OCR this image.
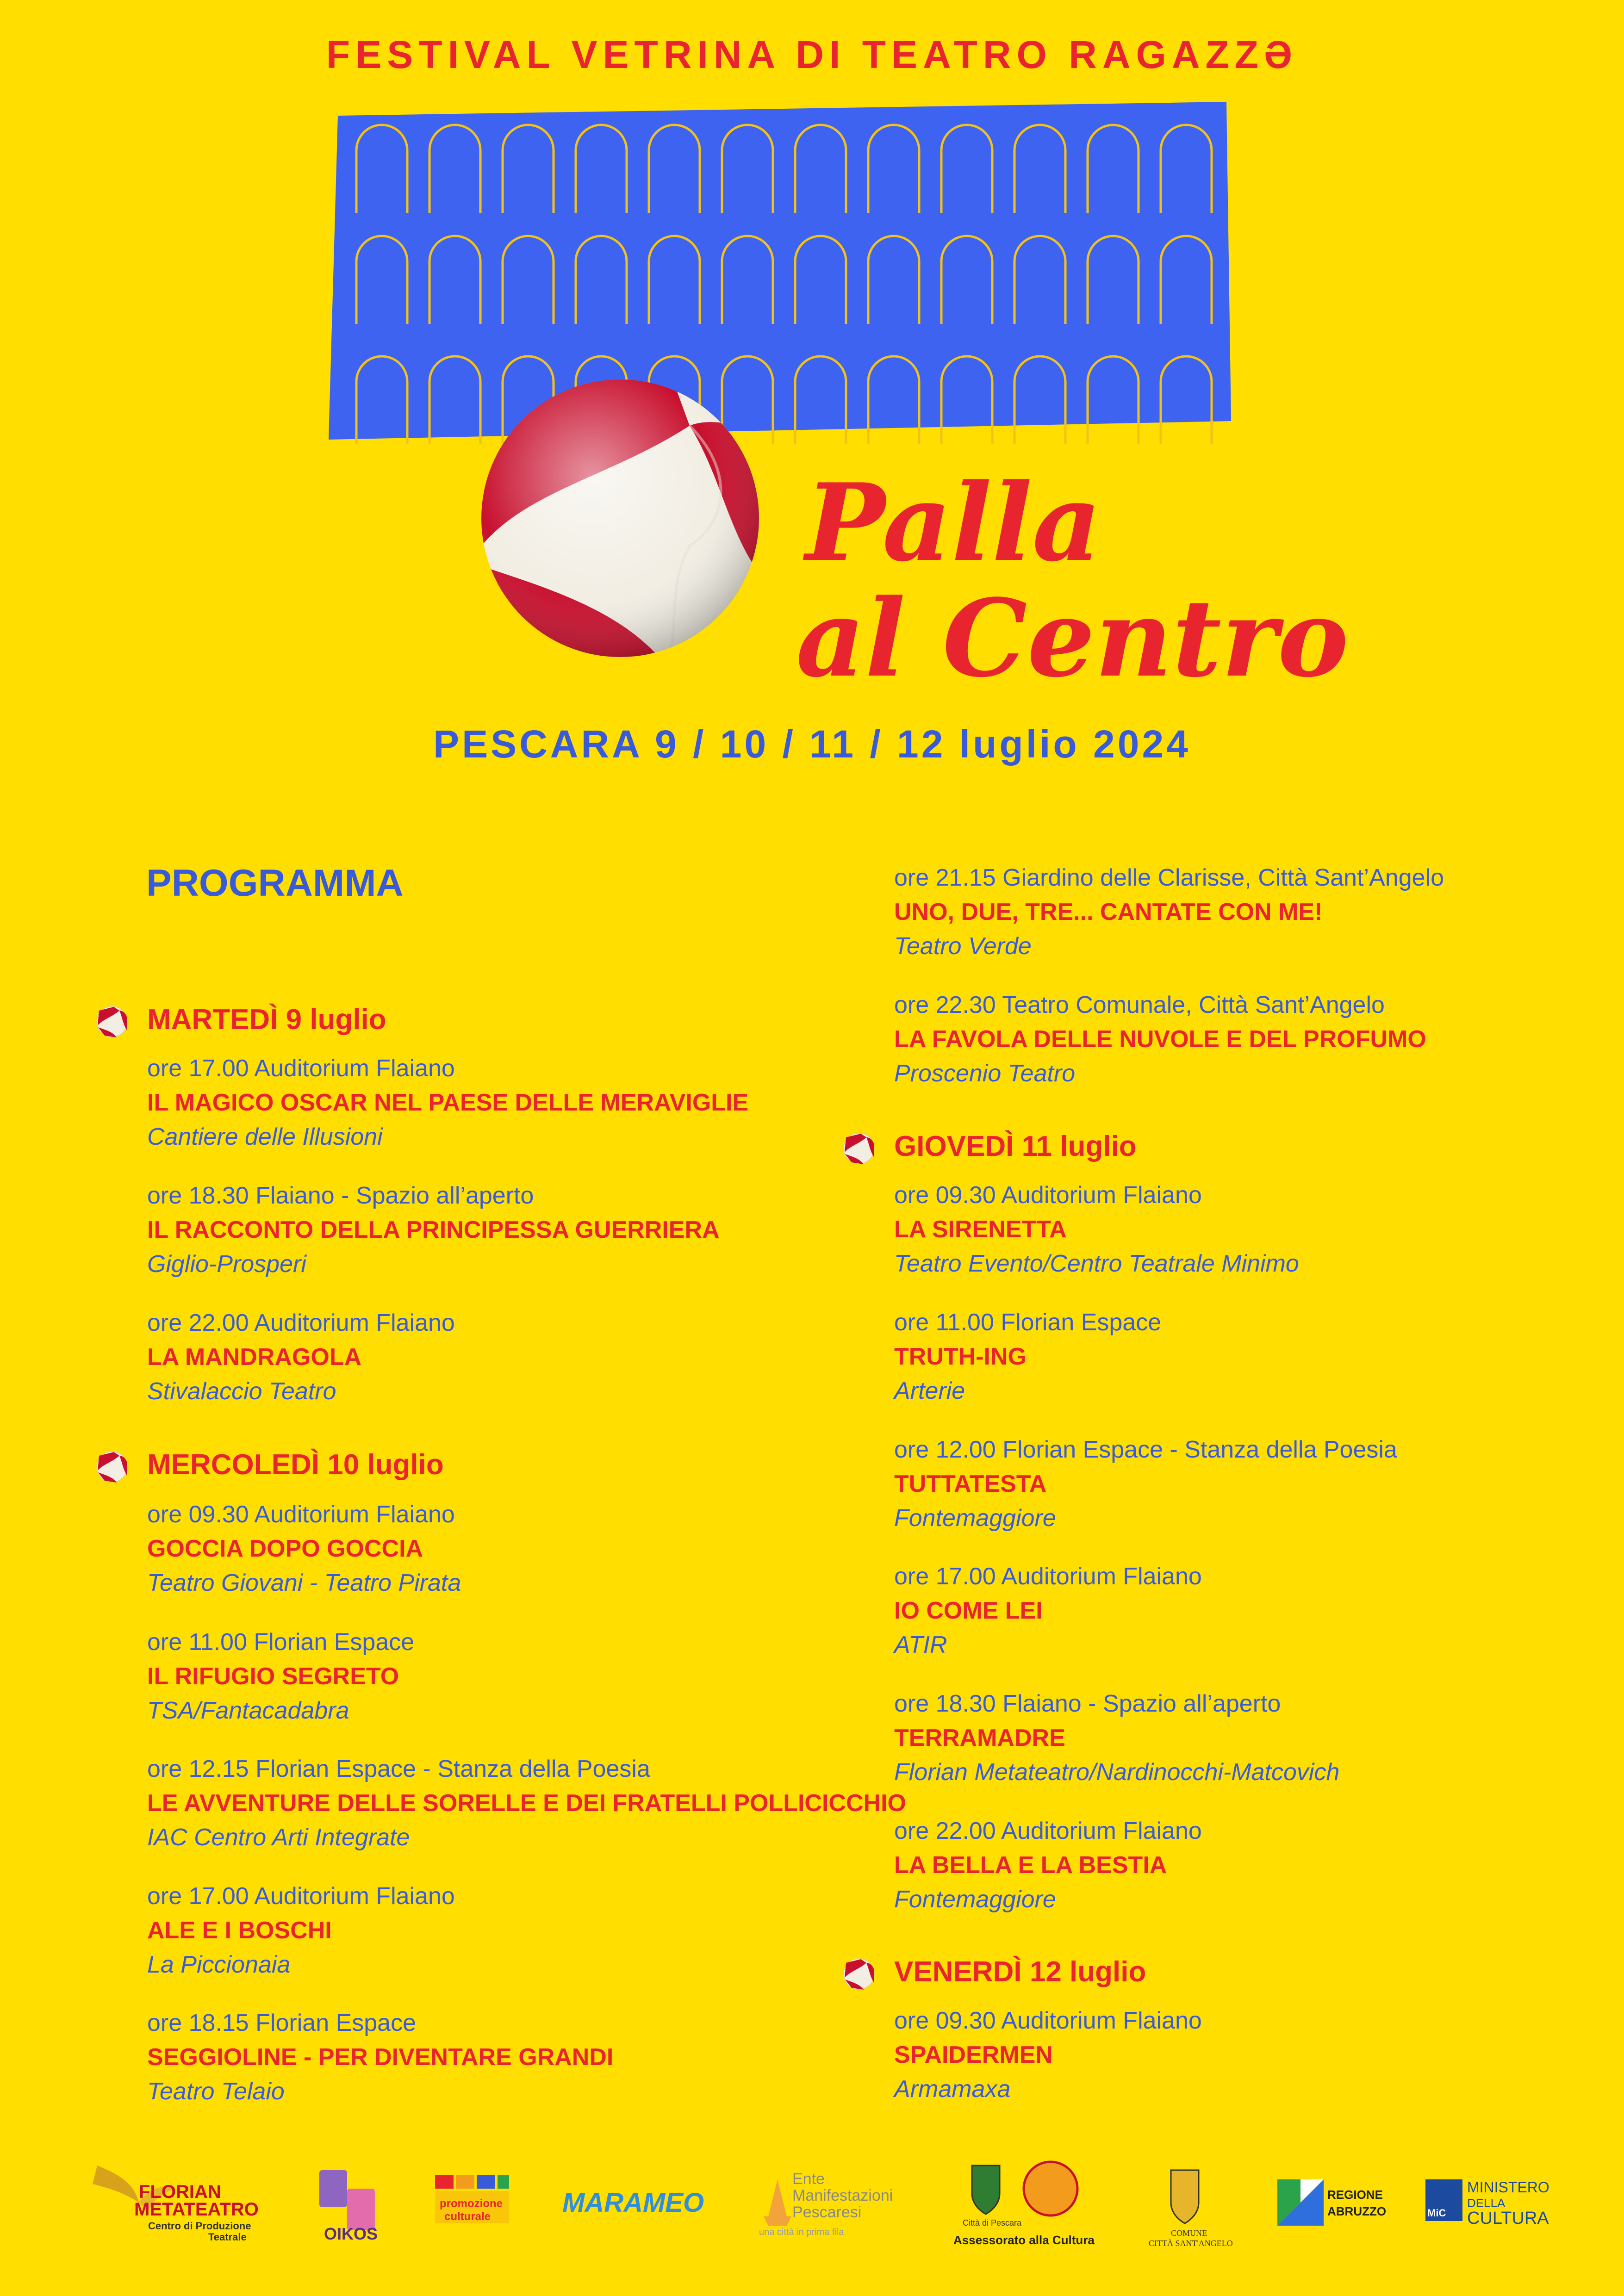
FESTIVAL VETRINA DI TEATRO RAGAZZƏ
Palla
al Centro
PESCARA 9 / 10 / 11 / 12 luglio 2024
PROGRAMMA
MARTEDÌ 9 luglio
ore 17.00 Auditorium Flaiano
IL MAGICO OSCAR NEL PAESE DELLE MERAVIGLIE
Cantiere delle Illusioni
ore 18.30 Flaiano - Spazio all’aperto
IL RACCONTO DELLA PRINCIPESSA GUERRIERA
Giglio-Prosperi
ore 22.00 Auditorium Flaiano
LA MANDRAGOLA
Stivalaccio Teatro
MERCOLEDÌ 10 luglio
ore 09.30 Auditorium Flaiano
GOCCIA DOPO GOCCIA
Teatro Giovani - Teatro Pirata
ore 11.00 Florian Espace
IL RIFUGIO SEGRETO
TSA/Fantacadabra
ore 12.15 Florian Espace - Stanza della Poesia
LE AVVENTURE DELLE SORELLE E DEI FRATELLI POLLICICCHIO
IAC Centro Arti Integrate
ore 17.00 Auditorium Flaiano
ALE E I BOSCHI
La Piccionaia
ore 18.15 Florian Espace
SEGGIOLINE - PER DIVENTARE GRANDI
Teatro Telaio
ore 21.15 Giardino delle Clarisse, Città Sant’Angelo
UNO, DUE, TRE... CANTATE CON ME!
Teatro Verde
ore 22.30 Teatro Comunale, Città Sant’Angelo
LA FAVOLA DELLE NUVOLE E DEL PROFUMO
Proscenio Teatro
GIOVEDÌ 11 luglio
ore 09.30 Auditorium Flaiano
LA SIRENETTA
Teatro Evento/Centro Teatrale Minimo
ore 11.00 Florian Espace
TRUTH-ING
Arterie
ore 12.00 Florian Espace - Stanza della Poesia
TUTTATESTA
Fontemaggiore
ore 17.00 Auditorium Flaiano
IO COME LEI
ATIR
ore 18.30 Flaiano - Spazio all’aperto
TERRAMADRE
Florian Metateatro/Nardinocchi-Matcovich
ore 22.00 Auditorium Flaiano
LA BELLA E LA BESTIA
Fontemaggiore
VENERDÌ 12 luglio
ore 09.30 Auditorium Flaiano
SPAIDERMEN
Armamaxa
FLORIAN
METATEATRO
Centro di Produzione
Teatrale	OIKOS
promozione
culturale	MARAMEO
Ente
Manifestazioni
Pescaresi
una città in prima fila
Città di Pescara
Assessorato alla Cultura	COMUNE
CITTÀ SANT'ANGELO
REGIONE
ABRUZZO	MiC
MINISTERO
DELLA
CULTURA
